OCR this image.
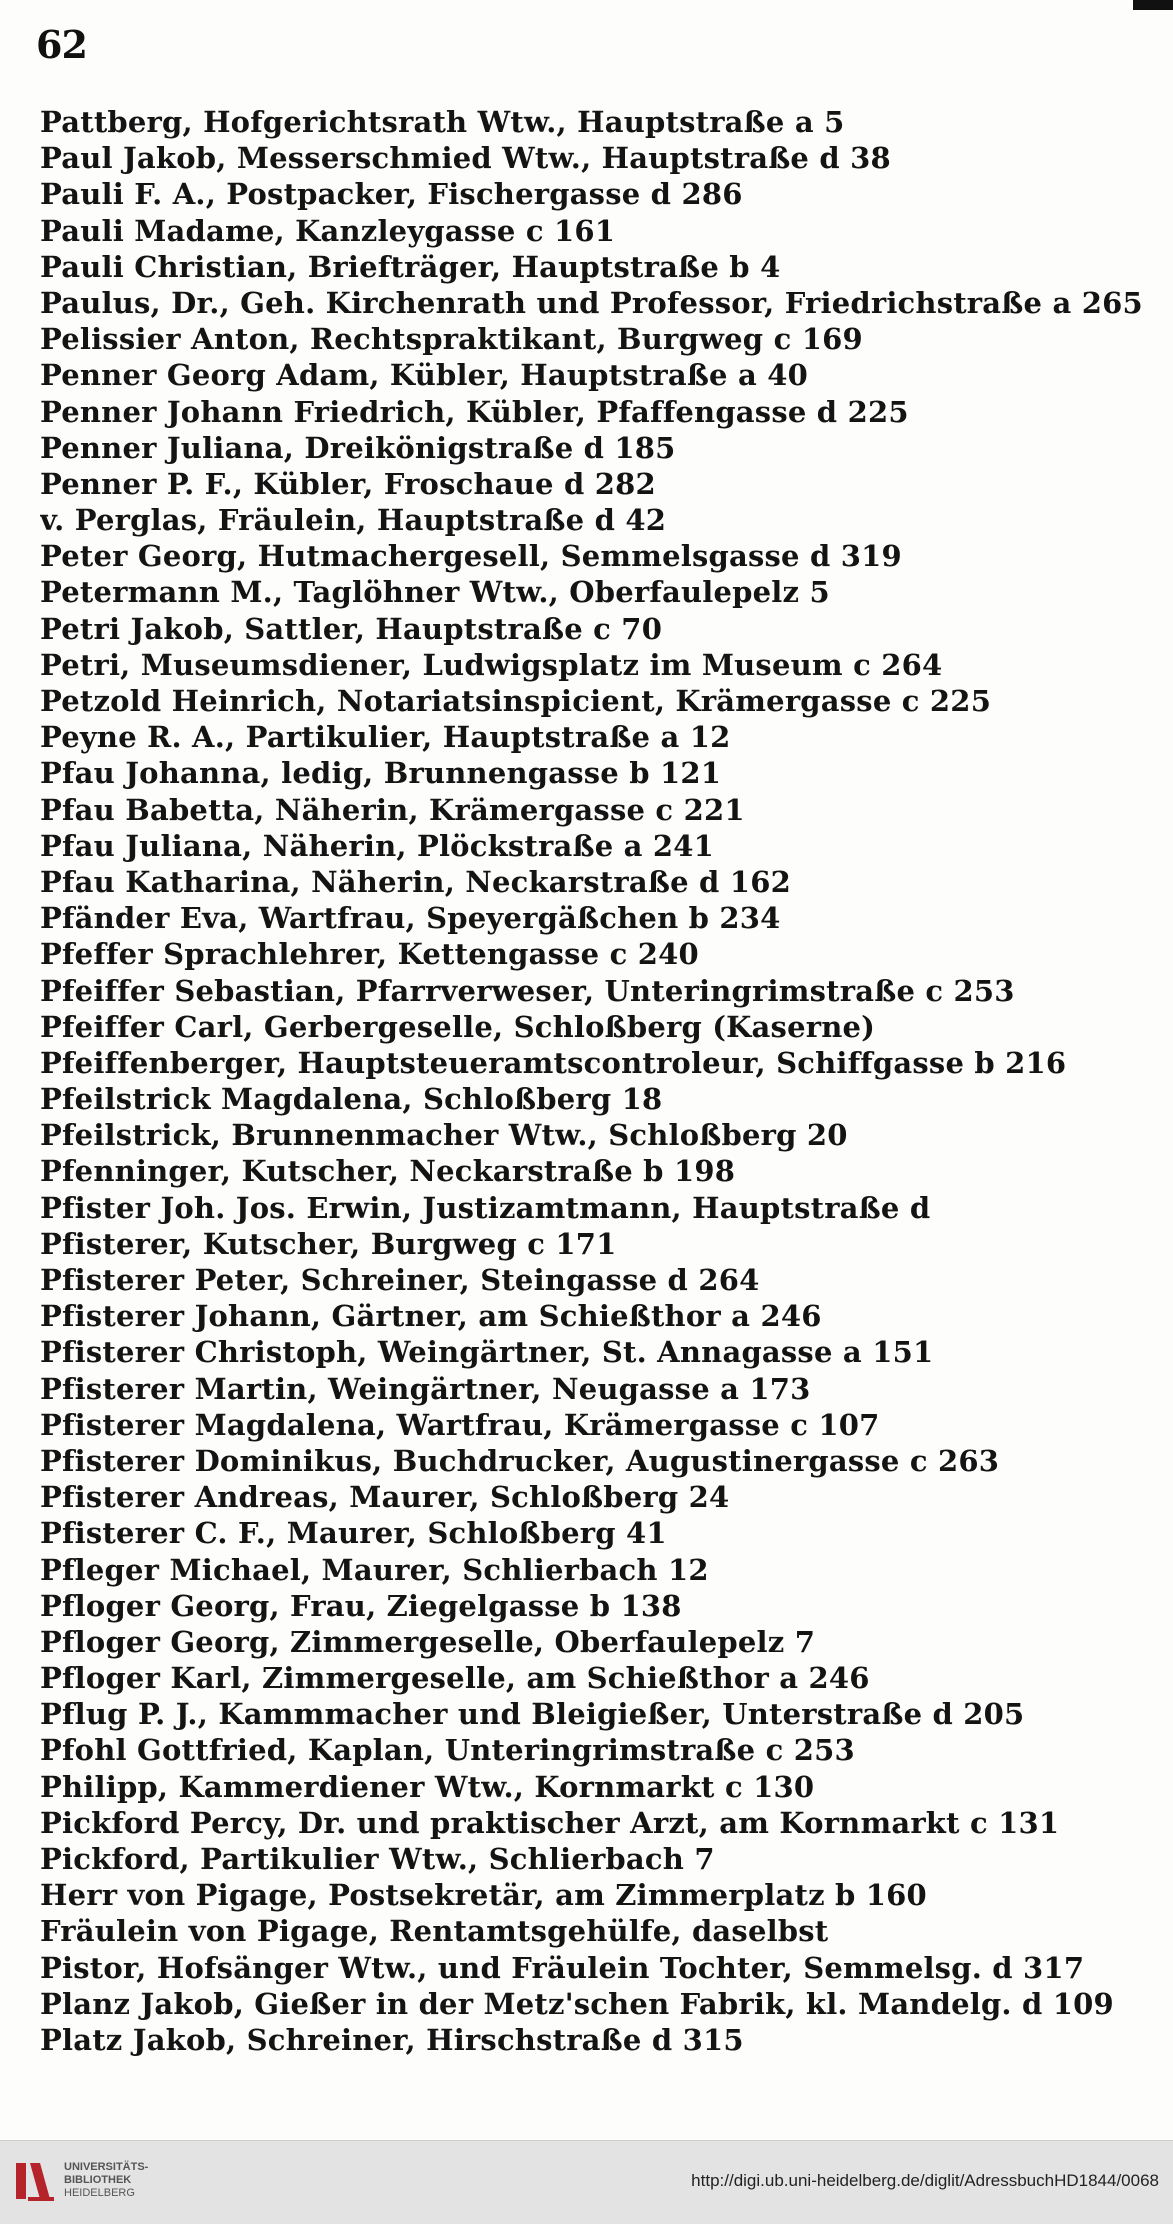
62
Pattberg, Hofgerichtsrath Wtw., Hauptstraße a 5
Paul Jakob, Messerschmied Wtw., Hauptstraße d 38
Pauli F. A., Postpacker, Fischergasse d 286
Pauli Madame, Kanzleygasse c 161
Pauli Christian, Briefträger, Hauptstraße b 4
Paulus, Dr., Geh. Kirchenrath und Professor, Friedrichstraße a 265
Pelissier Anton, Rechtspraktikant, Burgweg c 169
Penner Georg Adam, Kübler, Hauptstraße a 40
Penner Johann Friedrich, Kübler, Pfaffengasse d 225
Penner Juliana, Dreikönigstraße d 185
Penner P. F., Kübler, Froschaue d 282
v. Perglas, Fräulein, Hauptstraße d 42
Peter Georg, Hutmachergesell, Semmelsgasse d 319
Petermann M., Taglöhner Wtw., Oberfaulepelz 5
Petri Jakob, Sattler, Hauptstraße c 70
Petri, Museumsdiener, Ludwigsplatz im Museum c 264
Petzold Heinrich, Notariatsinspicient, Krämergasse c 225
Peyne R. A., Partikulier, Hauptstraße a 12
Pfau Johanna, ledig, Brunnengasse b 121
Pfau Babetta, Näherin, Krämergasse c 221
Pfau Juliana, Näherin, Plöckstraße a 241
Pfau Katharina, Näherin, Neckarstraße d 162
Pfänder Eva, Wartfrau, Speyergäßchen b 234
Pfeffer Sprachlehrer, Kettengasse c 240
Pfeiffer Sebastian, Pfarrverweser, Unteringrimstraße c 253
Pfeiffer Carl, Gerbergeselle, Schloßberg (Kaserne)
Pfeiffenberger, Hauptsteueramtscontroleur, Schiffgasse b 216
Pfeilstrick Magdalena, Schloßberg 18
Pfeilstrick, Brunnenmacher Wtw., Schloßberg 20
Pfenninger, Kutscher, Neckarstraße b 198
Pfister Joh. Jos. Erwin, Justizamtmann, Hauptstraße d
Pfisterer, Kutscher, Burgweg c 171
Pfisterer Peter, Schreiner, Steingasse d 264
Pfisterer Johann, Gärtner, am Schießthor a 246
Pfisterer Christoph, Weingärtner, St. Annagasse a 151
Pfisterer Martin, Weingärtner, Neugasse a 173
Pfisterer Magdalena, Wartfrau, Krämergasse c 107
Pfisterer Dominikus, Buchdrucker, Augustinergasse c 263
Pfisterer Andreas, Maurer, Schloßberg 24
Pfisterer C. F., Maurer, Schloßberg 41
Pfleger Michael, Maurer, Schlierbach 12
Pfloger Georg, Frau, Ziegelgasse b 138
Pfloger Georg, Zimmergeselle, Oberfaulepelz 7
Pfloger Karl, Zimmergeselle, am Schießthor a 246
Pflug P. J., Kammmacher und Bleigießer, Unterstraße d 205
Pfohl Gottfried, Kaplan, Unteringrimstraße c 253
Philipp, Kammerdiener Wtw., Kornmarkt c 130
Pickford Percy, Dr. und praktischer Arzt, am Kornmarkt c 131
Pickford, Partikulier Wtw., Schlierbach 7
Herr von Pigage, Postsekretär, am Zimmerplatz b 160
Fräulein von Pigage, Rentamtsgehülfe, daselbst
Pistor, Hofsänger Wtw., und Fräulein Tochter, Semmelsg. d 317
Planz Jakob, Gießer in der Metz'schen Fabrik, kl. Mandelg. d 109
Platz Jakob, Schreiner, Hirschstraße d 315
UNIVERSITÄTS-
BIBLIOTHEK
HEIDELBERG
http://digi.ub.uni-heidelberg.de/diglit/AdressbuchHD1844/0068
